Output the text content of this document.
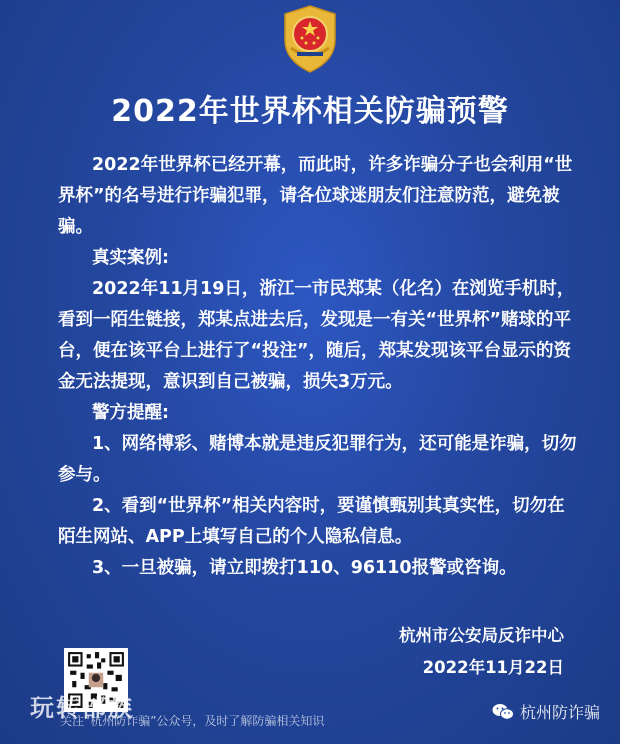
2022年世界杯相关防骗预警

2022年世界杯已经开幕，而此时，许多诈骗分子也会利用“世界杯”的名号进行诈骗犯罪，请各位球迷朋友们注意防范，避免被骗。

真实案例:

2022年11月19日，浙江一市民郑某（化名）在浏览手机时，看到一陌生链接，郑某点进去后，发现是一有关“世界杯”赌球的平台，便在该平台上进行了“投注”，随后，郑某发现该平台显示的资金无法提现，意识到自己被骗，损失3万元。

警方提醒:

1、网络博彩、赌博本就是违反犯罪行为，还可能是诈骗，切勿参与。

2、看到“世界杯”相关内容时，要谨慎甄别其真实性，切勿在陌生网站、APP上填写自己的个人隐私信息。

3、一旦被骗，请立即拨打110、96110报警或咨询。

杭州市公安局反诈中心
2022年11月22日
玩转部族
关注“杭州防诈骗”公众号，及时了解防骗相关知识	杭州防诈骗
